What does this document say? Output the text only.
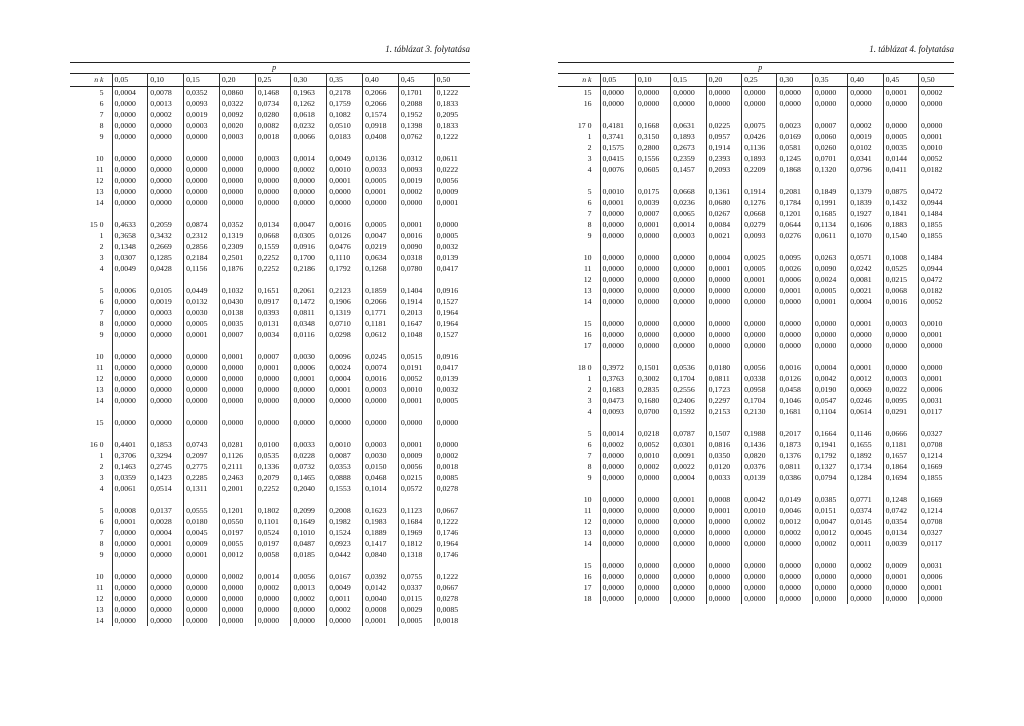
1. táblázat 3. folytatása
					p					
n k	0,05	0,10	0,15	0,20	0,25	0,30	0,35	0,40	0,45	0,50
5	0,0004	0,0078	0,0352	0,0860	0,1468	0,1963	0,2178	0,2066	0,1701	0,1222
6	0,0000	0,0013	0,0093	0,0322	0,0734	0,1262	0,1759	0,2066	0,2088	0,1833
7	0,0000	0,0002	0,0019	0,0092	0,0280	0,0618	0,1082	0,1574	0,1952	0,2095
8	0,0000	0,0000	0,0003	0,0020	0,0082	0,0232	0,0510	0,0918	0,1398	0,1833
9	0,0000	0,0000	0,0000	0,0003	0,0018	0,0066	0,0183	0,0408	0,0762	0,1222

10	0,0000	0,0000	0,0000	0,0000	0,0003	0,0014	0,0049	0,0136	0,0312	0,0611
11	0,0000	0,0000	0,0000	0,0000	0,0000	0,0002	0,0010	0,0033	0,0093	0,0222
12	0,0000	0,0000	0,0000	0,0000	0,0000	0,0000	0,0001	0,0005	0,0019	0,0056
13	0,0000	0,0000	0,0000	0,0000	0,0000	0,0000	0,0000	0,0001	0,0002	0,0009
14	0,0000	0,0000	0,0000	0,0000	0,0000	0,0000	0,0000	0,0000	0,0000	0,0001

15 0	0,4633	0,2059	0,0874	0,0352	0,0134	0,0047	0,0016	0,0005	0,0001	0,0000
1	0,3658	0,3432	0,2312	0,1319	0,0668	0,0305	0,0126	0,0047	0,0016	0,0005
2	0,1348	0,2669	0,2856	0,2309	0,1559	0,0916	0,0476	0,0219	0,0090	0,0032
3	0,0307	0,1285	0,2184	0,2501	0,2252	0,1700	0,1110	0,0634	0,0318	0,0139
4	0,0049	0,0428	0,1156	0,1876	0,2252	0,2186	0,1792	0,1268	0,0780	0,0417

5	0,0006	0,0105	0,0449	0,1032	0,1651	0,2061	0,2123	0,1859	0,1404	0,0916
6	0,0000	0,0019	0,0132	0,0430	0,0917	0,1472	0,1906	0,2066	0,1914	0,1527
7	0,0000	0,0003	0,0030	0,0138	0,0393	0,0811	0,1319	0,1771	0,2013	0,1964
8	0,0000	0,0000	0,0005	0,0035	0,0131	0,0348	0,0710	0,1181	0,1647	0,1964
9	0,0000	0,0000	0,0001	0,0007	0,0034	0,0116	0,0298	0,0612	0,1048	0,1527

10	0,0000	0,0000	0,0000	0,0001	0,0007	0,0030	0,0096	0,0245	0,0515	0,0916
11	0,0000	0,0000	0,0000	0,0000	0,0001	0,0006	0,0024	0,0074	0,0191	0,0417
12	0,0000	0,0000	0,0000	0,0000	0,0000	0,0001	0,0004	0,0016	0,0052	0,0139
13	0,0000	0,0000	0,0000	0,0000	0,0000	0,0000	0,0001	0,0003	0,0010	0,0032
14	0,0000	0,0000	0,0000	0,0000	0,0000	0,0000	0,0000	0,0000	0,0001	0,0005

15	0,0000	0,0000	0,0000	0,0000	0,0000	0,0000	0,0000	0,0000	0,0000	0,0000

16 0	0,4401	0,1853	0,0743	0,0281	0,0100	0,0033	0,0010	0,0003	0,0001	0,0000
1	0,3706	0,3294	0,2097	0,1126	0,0535	0,0228	0,0087	0,0030	0,0009	0,0002
2	0,1463	0,2745	0,2775	0,2111	0,1336	0,0732	0,0353	0,0150	0,0056	0,0018
3	0,0359	0,1423	0,2285	0,2463	0,2079	0,1465	0,0888	0,0468	0,0215	0,0085
4	0,0061	0,0514	0,1311	0,2001	0,2252	0,2040	0,1553	0,1014	0,0572	0,0278

5	0,0008	0,0137	0,0555	0,1201	0,1802	0,2099	0,2008	0,1623	0,1123	0,0667
6	0,0001	0,0028	0,0180	0,0550	0,1101	0,1649	0,1982	0,1983	0,1684	0,1222
7	0,0000	0,0004	0,0045	0,0197	0,0524	0,1010	0,1524	0,1889	0,1969	0,1746
8	0,0000	0,0001	0,0009	0,0055	0,0197	0,0487	0,0923	0,1417	0,1812	0,1964
9	0,0000	0,0000	0,0001	0,0012	0,0058	0,0185	0,0442	0,0840	0,1318	0,1746

10	0,0000	0,0000	0,0000	0,0002	0,0014	0,0056	0,0167	0,0392	0,0755	0,1222
11	0,0000	0,0000	0,0000	0,0000	0,0002	0,0013	0,0049	0,0142	0,0337	0,0667
12	0,0000	0,0000	0,0000	0,0000	0,0000	0,0002	0,0011	0,0040	0,0115	0,0278
13	0,0000	0,0000	0,0000	0,0000	0,0000	0,0000	0,0002	0,0008	0,0029	0,0085
14	0,0000	0,0000	0,0000	0,0000	0,0000	0,0000	0,0000	0,0001	0,0005	0,0018
1. táblázat 4. folytatása
					p					
n k	0,05	0,10	0,15	0,20	0,25	0,30	0,35	0,40	0,45	0,50
15	0,0000	0,0000	0,0000	0,0000	0,0000	0,0000	0,0000	0,0000	0,0001	0,0002
16	0,0000	0,0000	0,0000	0,0000	0,0000	0,0000	0,0000	0,0000	0,0000	0,0000

17 0	0,4181	0,1668	0,0631	0,0225	0,0075	0,0023	0,0007	0,0002	0,0000	0,0000
1	0,3741	0,3150	0,1893	0,0957	0,0426	0,0169	0,0060	0,0019	0,0005	0,0001
2	0,1575	0,2800	0,2673	0,1914	0,1136	0,0581	0,0260	0,0102	0,0035	0,0010
3	0,0415	0,1556	0,2359	0,2393	0,1893	0,1245	0,0701	0,0341	0,0144	0,0052
4	0,0076	0,0605	0,1457	0,2093	0,2209	0,1868	0,1320	0,0796	0,0411	0,0182

5	0,0010	0,0175	0,0668	0,1361	0,1914	0,2081	0,1849	0,1379	0,0875	0,0472
6	0,0001	0,0039	0,0236	0,0680	0,1276	0,1784	0,1991	0,1839	0,1432	0,0944
7	0,0000	0,0007	0,0065	0,0267	0,0668	0,1201	0,1685	0,1927	0,1841	0,1484
8	0,0000	0,0001	0,0014	0,0084	0,0279	0,0644	0,1134	0,1606	0,1883	0,1855
9	0,0000	0,0000	0,0003	0,0021	0,0093	0,0276	0,0611	0,1070	0,1540	0,1855

10	0,0000	0,0000	0,0000	0,0004	0,0025	0,0095	0,0263	0,0571	0,1008	0,1484
11	0,0000	0,0000	0,0000	0,0001	0,0005	0,0026	0,0090	0,0242	0,0525	0,0944
12	0,0000	0,0000	0,0000	0,0000	0,0001	0,0006	0,0024	0,0081	0,0215	0,0472
13	0,0000	0,0000	0,0000	0,0000	0,0000	0,0001	0,0005	0,0021	0,0068	0,0182
14	0,0000	0,0000	0,0000	0,0000	0,0000	0,0000	0,0001	0,0004	0,0016	0,0052

15	0,0000	0,0000	0,0000	0,0000	0,0000	0,0000	0,0000	0,0001	0,0003	0,0010
16	0,0000	0,0000	0,0000	0,0000	0,0000	0,0000	0,0000	0,0000	0,0000	0,0001
17	0,0000	0,0000	0,0000	0,0000	0,0000	0,0000	0,0000	0,0000	0,0000	0,0000

18 0	0,3972	0,1501	0,0536	0,0180	0,0056	0,0016	0,0004	0,0001	0,0000	0,0000
1	0,3763	0,3002	0,1704	0,0811	0,0338	0,0126	0,0042	0,0012	0,0003	0,0001
2	0,1683	0,2835	0,2556	0,1723	0,0958	0,0458	0,0190	0,0069	0,0022	0,0006
3	0,0473	0,1680	0,2406	0,2297	0,1704	0,1046	0,0547	0,0246	0,0095	0,0031
4	0,0093	0,0700	0,1592	0,2153	0,2130	0,1681	0,1104	0,0614	0,0291	0,0117

5	0,0014	0,0218	0,0787	0,1507	0,1988	0,2017	0,1664	0,1146	0,0666	0,0327
6	0,0002	0,0052	0,0301	0,0816	0,1436	0,1873	0,1941	0,1655	0,1181	0,0708
7	0,0000	0,0010	0,0091	0,0350	0,0820	0,1376	0,1792	0,1892	0,1657	0,1214
8	0,0000	0,0002	0,0022	0,0120	0,0376	0,0811	0,1327	0,1734	0,1864	0,1669
9	0,0000	0,0000	0,0004	0,0033	0,0139	0,0386	0,0794	0,1284	0,1694	0,1855

10	0,0000	0,0000	0,0001	0,0008	0,0042	0,0149	0,0385	0,0771	0,1248	0,1669
11	0,0000	0,0000	0,0000	0,0001	0,0010	0,0046	0,0151	0,0374	0,0742	0,1214
12	0,0000	0,0000	0,0000	0,0000	0,0002	0,0012	0,0047	0,0145	0,0354	0,0708
13	0,0000	0,0000	0,0000	0,0000	0,0000	0,0002	0,0012	0,0045	0,0134	0,0327
14	0,0000	0,0000	0,0000	0,0000	0,0000	0,0000	0,0002	0,0011	0,0039	0,0117

15	0,0000	0,0000	0,0000	0,0000	0,0000	0,0000	0,0000	0,0002	0,0009	0,0031
16	0,0000	0,0000	0,0000	0,0000	0,0000	0,0000	0,0000	0,0000	0,0001	0,0006
17	0,0000	0,0000	0,0000	0,0000	0,0000	0,0000	0,0000	0,0000	0,0000	0,0001
18	0,0000	0,0000	0,0000	0,0000	0,0000	0,0000	0,0000	0,0000	0,0000	0,0000
